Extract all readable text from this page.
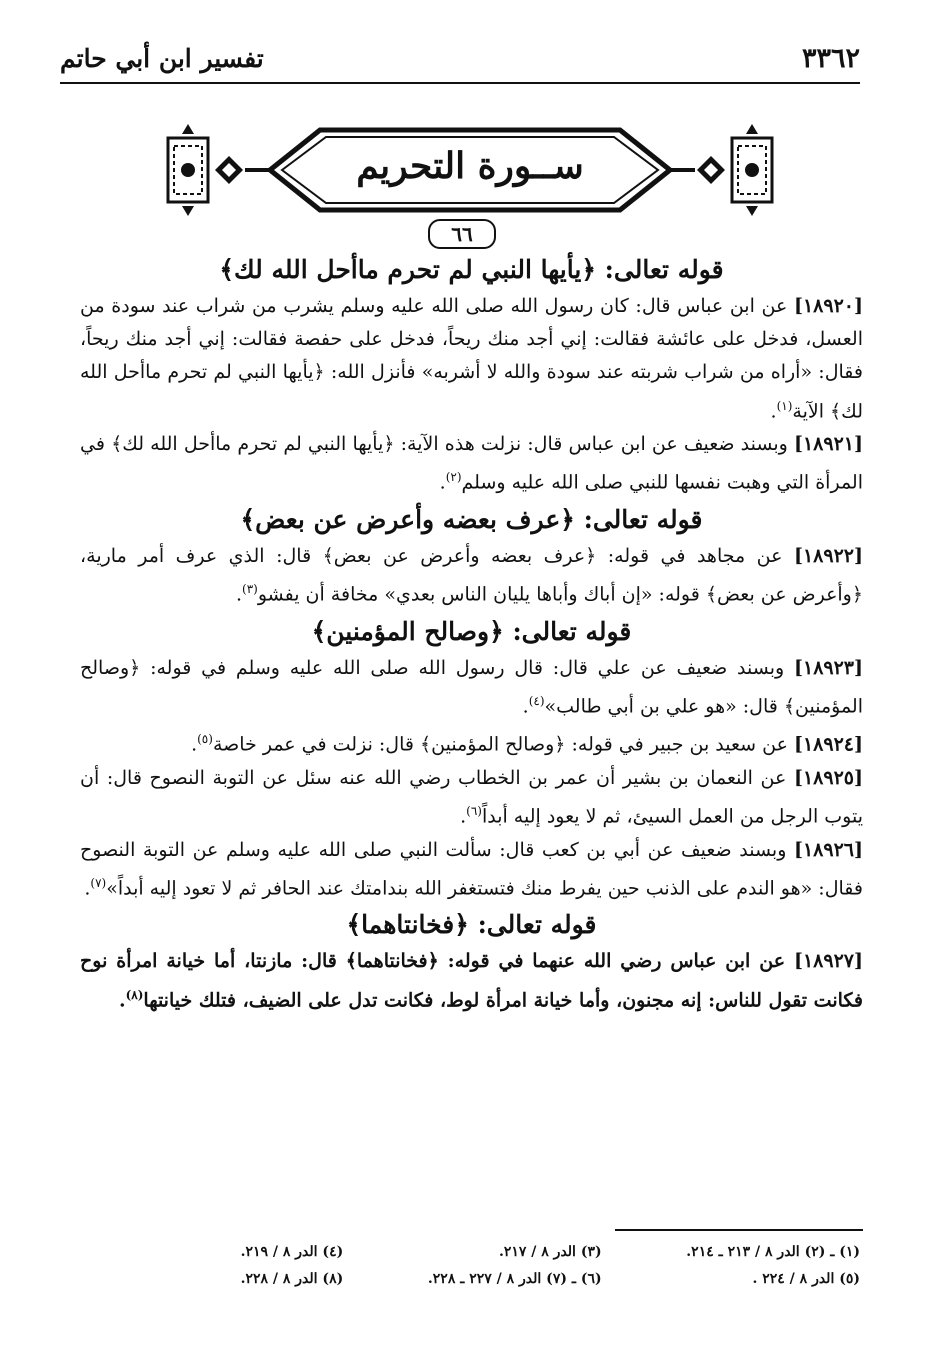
تفسير ابن أبي حاتم	٣٣٦٢
ســورة التحريم
٦٦
قوله تعالى: ﴿يأيها النبي لم تحرم ماأحل الله لك﴾

[١٨٩٢٠] عن ابن عباس قال: كان رسول الله صلى الله عليه وسلم يشرب من شراب عند سودة من العسل، فدخل على عائشة فقالت: إني أجد منك ريحاً، فدخل على حفصة فقالت: إني أجد منك ريحاً، فقال: «أراه من شراب شربته عند سودة والله لا أشربه» فأنزل الله: ﴿يأيها النبي لم تحرم ماأحل الله لك﴾ الآية$^{(١)}$.

[١٨٩٢١] وبسند ضعيف عن ابن عباس قال: نزلت هذه الآية: ﴿يأيها النبي لم تحرم ماأحل الله لك﴾ في المرأة التي وهبت نفسها للنبي صلى الله عليه وسلم$^{(٢)}$.

قوله تعالى: ﴿عرف بعضه وأعرض عن بعض﴾

[١٨٩٢٢] عن مجاهد في قوله: ﴿عرف بعضه وأعرض عن بعض﴾ قال: الذي عرف أمر مارية، ﴿وأعرض عن بعض﴾ قوله: «إن أباك وأباها يليان الناس بعدي» مخافة أن يفشو$^{(٣)}$.

قوله تعالى: ﴿وصالح المؤمنين﴾

[١٨٩٢٣] وبسند ضعيف عن علي قال: قال رسول الله صلى الله عليه وسلم في قوله: ﴿وصالح المؤمنين﴾ قال: «هو علي بن أبي طالب»$^{(٤)}$.

[١٨٩٢٤] عن سعيد بن جبير في قوله: ﴿وصالح المؤمنين﴾ قال: نزلت في عمر خاصة$^{(٥)}$.

[١٨٩٢٥] عن النعمان بن بشير أن عمر بن الخطاب رضي الله عنه سئل عن التوبة النصوح قال: أن يتوب الرجل من العمل السيئ، ثم لا يعود إليه أبداً$^{(٦)}$.

[١٨٩٢٦] وبسند ضعيف عن أبي بن كعب قال: سألت النبي صلى الله عليه وسلم عن التوبة النصوح فقال: «هو الندم على الذنب حين يفرط منك فتستغفر الله بندامتك عند الحافر ثم لا تعود إليه أبداً»$^{(٧)}$.

قوله تعالى: ﴿فخانتاهما﴾

[١٨٩٢٧] عن ابن عباس رضي الله عنهما في قوله: ﴿فخانتاهما﴾ قال: مازنتا، أما خيانة امرأة نوح فكانت تقول للناس: إنه مجنون، وأما خيانة امرأة لوط، فكانت تدل على الضيف، فتلك خيانتها$^{(٨)}$.

(١) ـ (٢) الدر ٨ / ٢١٣ ـ ٢١٤.
(٣) الدر ٨ / ٢١٧.
(٤) الدر ٨ / ٢١٩.
(٥) الدر ٨ / ٢٢٤ .
(٦) ـ (٧) الدر ٨ / ٢٢٧ ـ ٢٢٨.
(٨) الدر ٨ / ٢٢٨.
